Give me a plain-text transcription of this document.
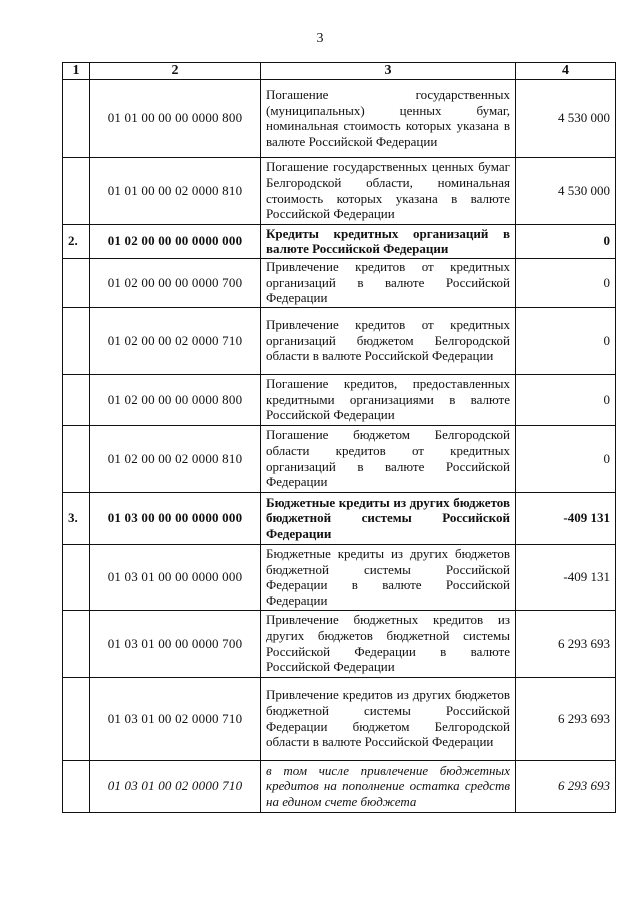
3
1	2	3	4
	01 01 00 00 00 0000 800	Погашение государственных (муниципальных) ценных бумаг, номинальная стоимость которых указана в валюте Российской Федерации	4 530 000
	01 01 00 00 02 0000 810	Погашение государственных ценных бумаг Белгородской области, номинальная стоимость которых указана в валюте Российской Федерации	4 530 000
2.	01 02 00 00 00 0000 000	Кредиты кредитных организаций в валюте Российской Федерации	0
	01 02 00 00 00 0000 700	Привлечение кредитов от кредитных организаций в валюте Российской Федерации	0
	01 02 00 00 02 0000 710	Привлечение кредитов от кредитных организаций бюджетом Белгородской области в валюте Российской Федерации	0
	01 02 00 00 00 0000 800	Погашение кредитов, предоставленных кредитными организациями в валюте Российской Федерации	0
	01 02 00 00 02 0000 810	Погашение бюджетом Белгородской области кредитов от кредитных организаций в валюте Российской Федерации	0
3.	01 03 00 00 00 0000 000	Бюджетные кредиты из других бюджетов бюджетной системы Российской Федерации	-409 131
	01 03 01 00 00 0000 000	Бюджетные кредиты из других бюджетов бюджетной системы Российской Федерации в валюте Российской Федерации	-409 131
	01 03 01 00 00 0000 700	Привлечение бюджетных кредитов из других бюджетов бюджетной системы Российской Федерации в валюте Российской Федерации	6 293 693
	01 03 01 00 02 0000 710	Привлечение кредитов из других бюджетов бюджетной системы Российской Федерации бюджетом Белгородской области в валюте Российской Федерации	6 293 693
	01 03 01 00 02 0000 710	в том числе привлечение бюджетных кредитов на пополнение остатка средств на едином счете бюджета	6 293 693
